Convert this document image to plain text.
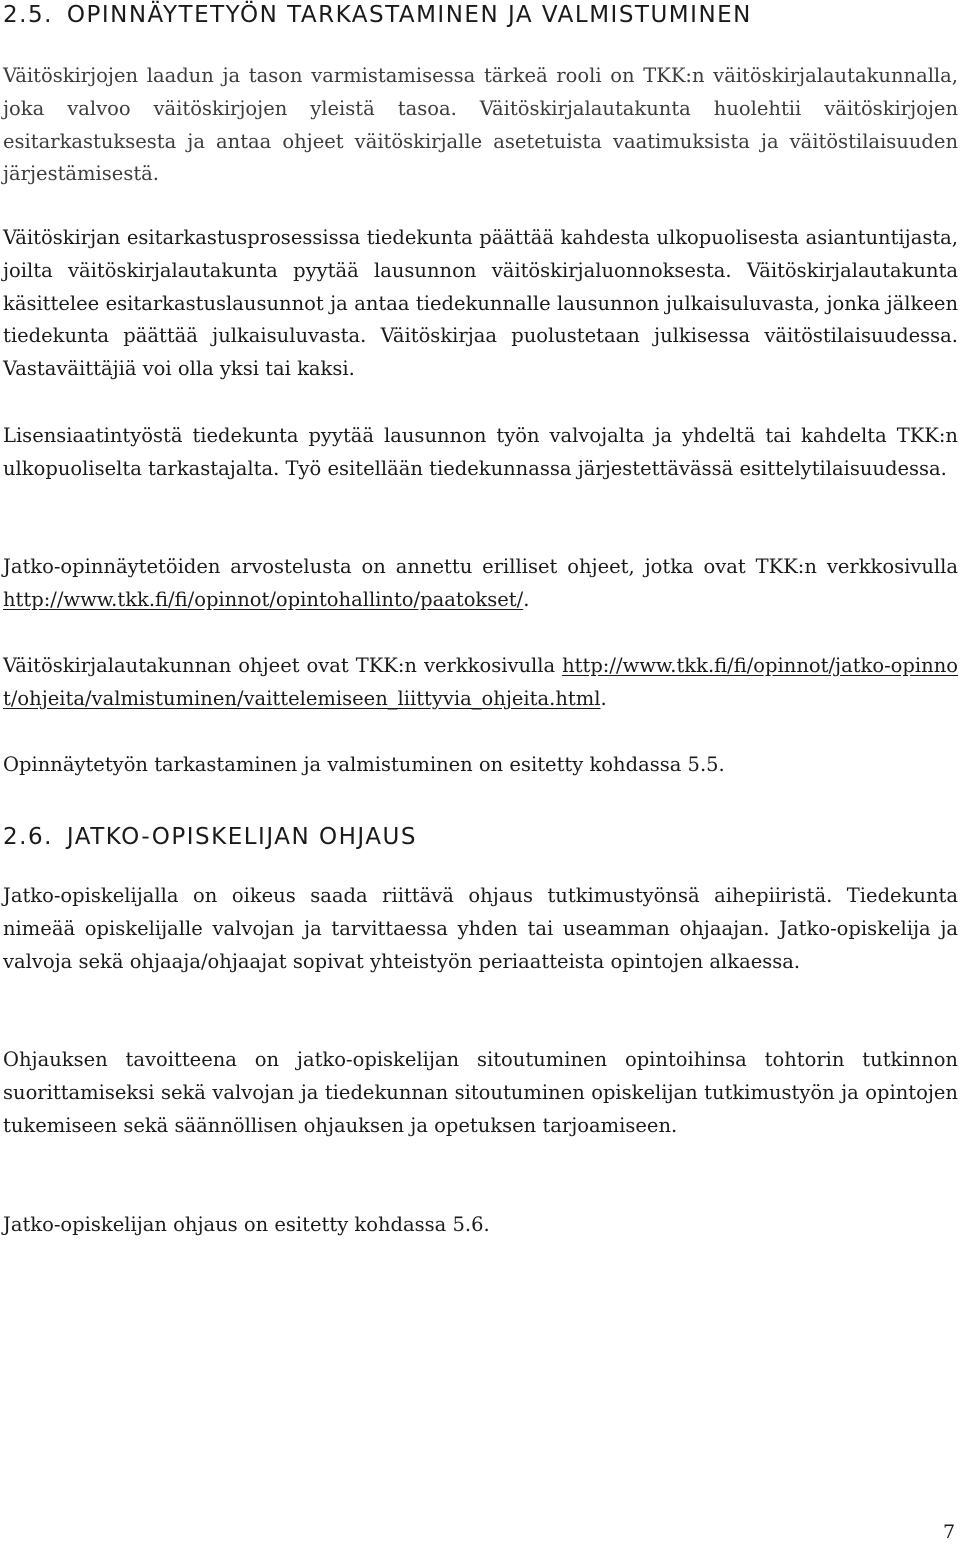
2.5. OPINNÄYTETYÖN TARKASTAMINEN JA VALMISTUMINEN

Väitöskirjojen laadun ja tason varmistamisessa tärkeä rooli on TKK:n väitöskirjalautakunnalla, joka valvoo väitöskirjojen yleistä tasoa. Väitöskirjalautakunta huolehtii väitöskirjojen esitarkastuksesta ja antaa ohjeet väitöskirjalle asetetuista vaatimuksista ja väitöstilaisuuden järjestämisestä.

Väitöskirjan esitarkastusprosessissa tiedekunta päättää kahdesta ulkopuolisesta asiantuntijasta, joilta väitöskirjalautakunta pyytää lausunnon väitöskirjaluonnoksesta. Väitöskirjalautakunta käsittelee esitarkastuslausunnot ja antaa tiedekunnalle lausunnon julkaisuluvasta, jonka jälkeen tiedekunta päättää julkaisuluvasta. Väitöskirjaa puolustetaan julkisessa väitöstilaisuudessa. Vastaväittäjiä voi olla yksi tai kaksi.

Lisensiaatintyöstä tiedekunta pyytää lausunnon työn valvojalta ja yhdeltä tai kahdelta TKK:n ulkopuoliselta tarkastajalta. Työ esitellään tiedekunnassa järjestettävässä esittelytilaisuudessa.

Jatko-opinnäytetöiden arvostelusta on annettu erilliset ohjeet, jotka ovat TKK:n verkkosivulla http://www.tkk.fi/fi/opinnot/opintohallinto/paatokset/.

Väitöskirjalautakunnan ohjeet ovat TKK:n verkkosivulla http://www.tkk.fi/fi/opinnot/jatko-opinnot/ohjeita/valmistuminen/vaittelemiseen_liittyvia_ohjeita.html.

Opinnäytetyön tarkastaminen ja valmistuminen on esitetty kohdassa 5.5.

2.6. JATKO-OPISKELIJAN OHJAUS

Jatko-opiskelijalla on oikeus saada riittävä ohjaus tutkimustyönsä aihepiiristä. Tiedekunta nimeää opiskelijalle valvojan ja tarvittaessa yhden tai useamman ohjaajan. Jatko-opiskelija ja valvoja sekä ohjaaja/ohjaajat sopivat yhteistyön periaatteista opintojen alkaessa.

Ohjauksen tavoitteena on jatko-opiskelijan sitoutuminen opintoihinsa tohtorin tutkinnon suorittamiseksi sekä valvojan ja tiedekunnan sitoutuminen opiskelijan tutkimustyön ja opintojen tukemiseen sekä säännöllisen ohjauksen ja opetuksen tarjoamiseen.

Jatko-opiskelijan ohjaus on esitetty kohdassa 5.6.

7
